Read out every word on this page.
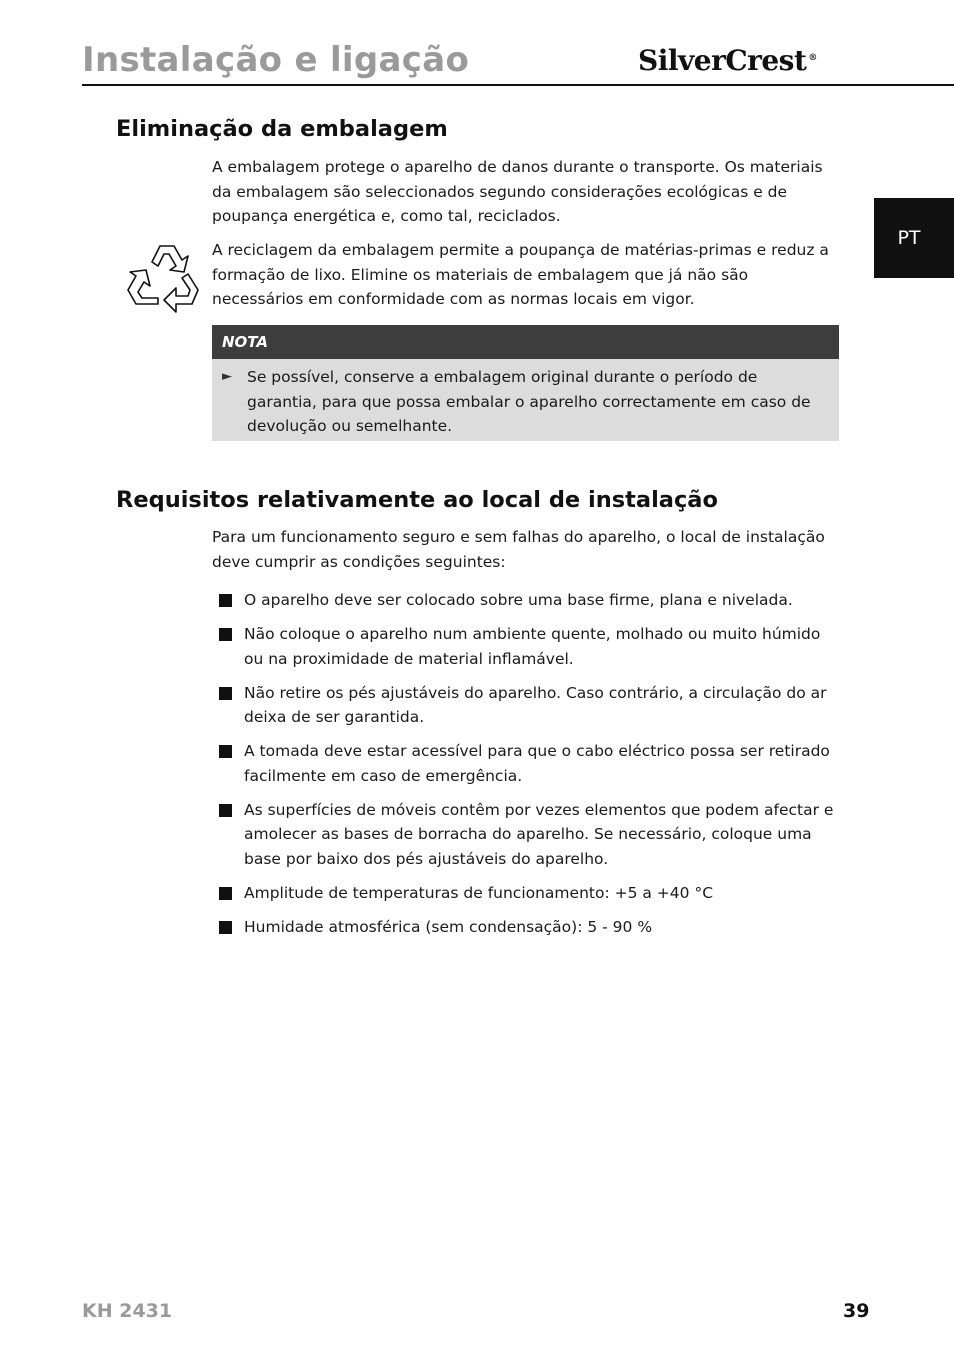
Instalação e ligação	SilverCrest ®
PT
Eliminação da embalagem
A embalagem protege o aparelho de danos durante o transporte. Os materiais da embalagem são seleccionados segundo considerações ecológicas e de poupança energética e, como tal, reciclados.
A reciclagem da embalagem permite a poupança de matérias-primas e reduz a formação de lixo. Elimine os materiais de embalagem que já não são necessários em conformidade com as normas locais em vigor.
NOTA
► Se possível, conserve a embalagem original durante o período de garantia, para que possa embalar o aparelho correctamente em caso de devolução ou semelhante.
Requisitos relativamente ao local de instalação
Para um funcionamento seguro e sem falhas do aparelho, o local de instalação deve cumprir as condições seguintes:
O aparelho deve ser colocado sobre uma base firme, plana e nivelada.
Não coloque o aparelho num ambiente quente, molhado ou muito húmido ou na proximidade de material inflamável.
Não retire os pés ajustáveis do aparelho. Caso contrário, a circulação do ar deixa de ser garantida.
A tomada deve estar acessível para que o cabo eléctrico possa ser retirado facilmente em caso de emergência.
As superfícies de móveis contêm por vezes elementos que podem afectar e amolecer as bases de borracha do aparelho. Se necessário, coloque uma base por baixo dos pés ajustáveis do aparelho.
Amplitude de temperaturas de funcionamento: +5 a +40 °C
Humidade atmosférica (sem condensação): 5 - 90 %
KH 2431	39
